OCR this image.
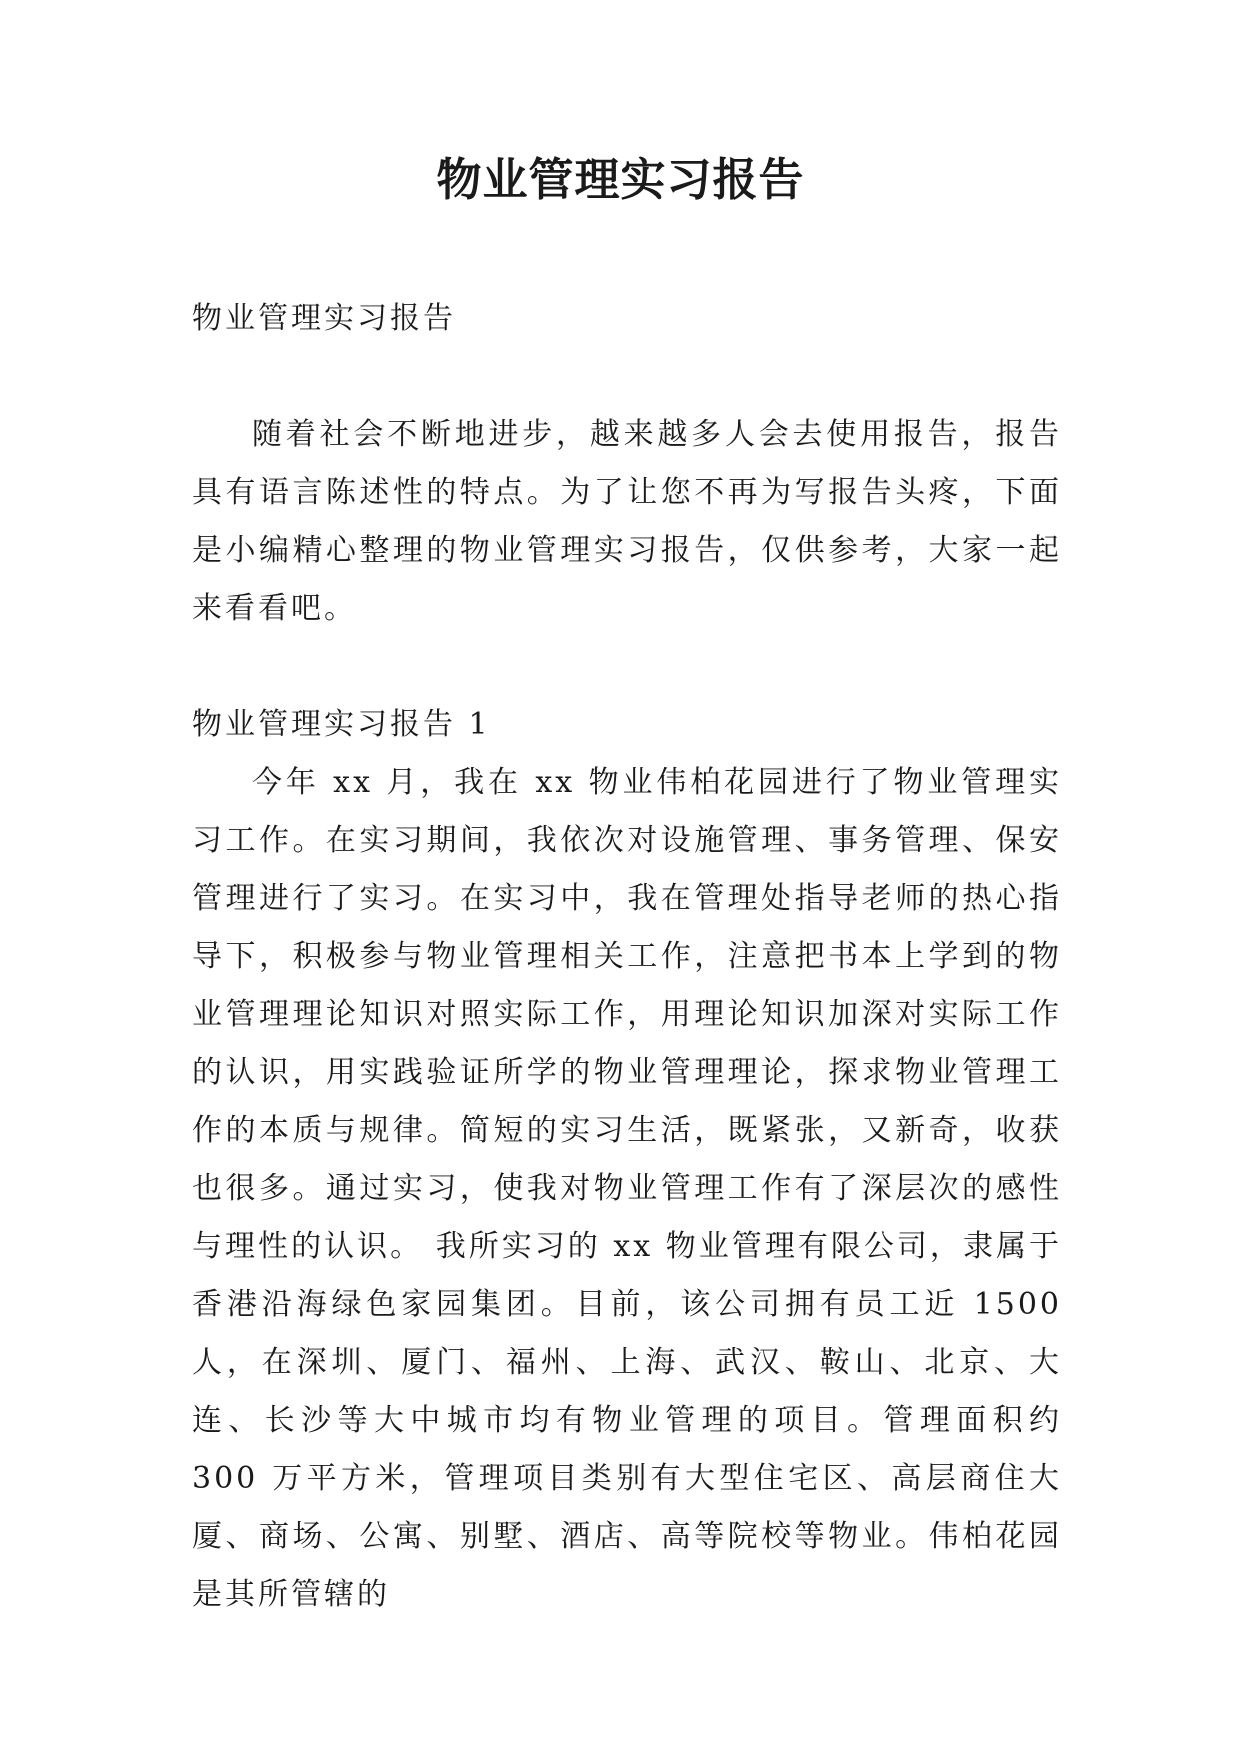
物业管理实习报告

物业管理实习报告

随着社会不断地进步，越来越多人会去使用报告，报告具有语言陈述性的特点。为了让您不再为写报告头疼，下面是小编精心整理的物业管理实习报告，仅供参考，大家一起来看看吧。

物业管理实习报告 1

今年 xx 月，我在 xx 物业伟柏花园进行了物业管理实习工作。在实习期间，我依次对设施管理、事务管理、保安管理进行了实习。在实习中，我在管理处指导老师的热心指导下，积极参与物业管理相关工作，注意把书本上学到的物业管理理论知识对照实际工作，用理论知识加深对实际工作的认识，用实践验证所学的物业管理理论，探求物业管理工作的本质与规律。简短的实习生活，既紧张，又新奇，收获也很多。通过实习，使我对物业管理工作有了深层次的感性与理性的认识。 我所实习的 xx 物业管理有限公司，隶属于香港沿海绿色家园集团。目前，该公司拥有员工近 1500 人，在深圳、厦门、福州、上海、武汉、鞍山、北京、大连、长沙等大中城市均有物业管理的项目。管理面积约 300 万平方米，管理项目类别有大型住宅区、高层商住大厦、商场、公寓、别墅、酒店、高等院校等物业。伟柏花园是其所管辖的
